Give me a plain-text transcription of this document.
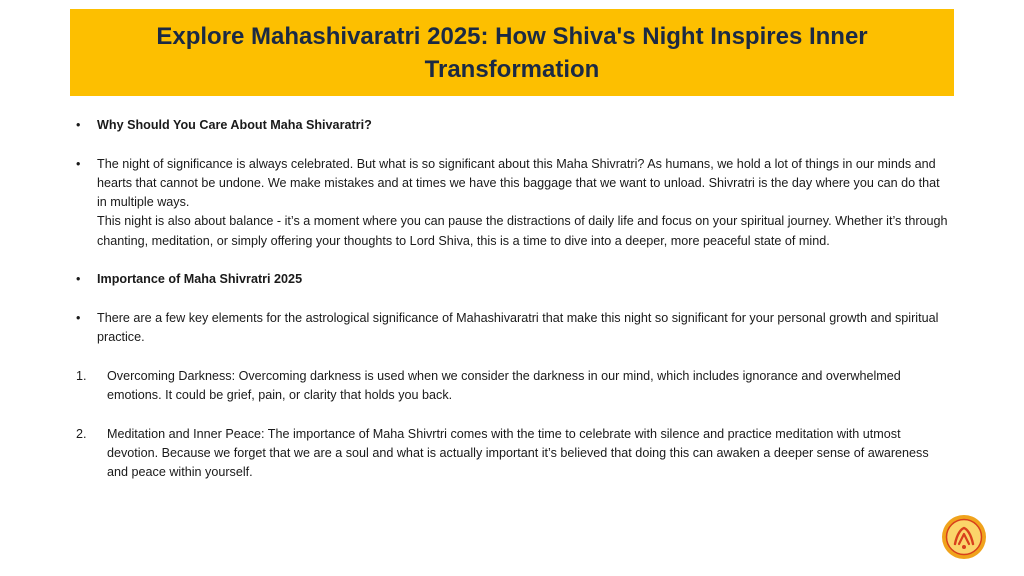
Explore Mahashivaratri 2025: How Shiva's Night Inspires Inner Transformation
• Why Should You Care About Maha Shivaratri?
• The night of significance is always celebrated. But what is so significant about this Maha Shivratri? As humans, we hold a lot of things in our minds and hearts that cannot be undone. We make mistakes and at times we have this baggage that we want to unload. Shivratri is the day where you can do that in multiple ways.
This night is also about balance - it’s a moment where you can pause the distractions of daily life and focus on your spiritual journey. Whether it’s through chanting, meditation, or simply offering your thoughts to Lord Shiva, this is a time to dive into a deeper, more peaceful state of mind.
• Importance of Maha Shivratri 2025
• There are a few key elements for the astrological significance of Mahashivaratri that make this night so significant for your personal growth and spiritual practice.
1. Overcoming Darkness: Overcoming darkness is used when we consider the darkness in our mind, which includes ignorance and overwhelmed emotions. It could be grief, pain, or clarity that holds you back.
2. Meditation and Inner Peace: The importance of Maha Shivrtri comes with the time to celebrate with silence and practice meditation with utmost devotion. Because we forget that we are a soul and what is actually important it’s believed that doing this can awaken a deeper sense of awareness and peace within yourself.
